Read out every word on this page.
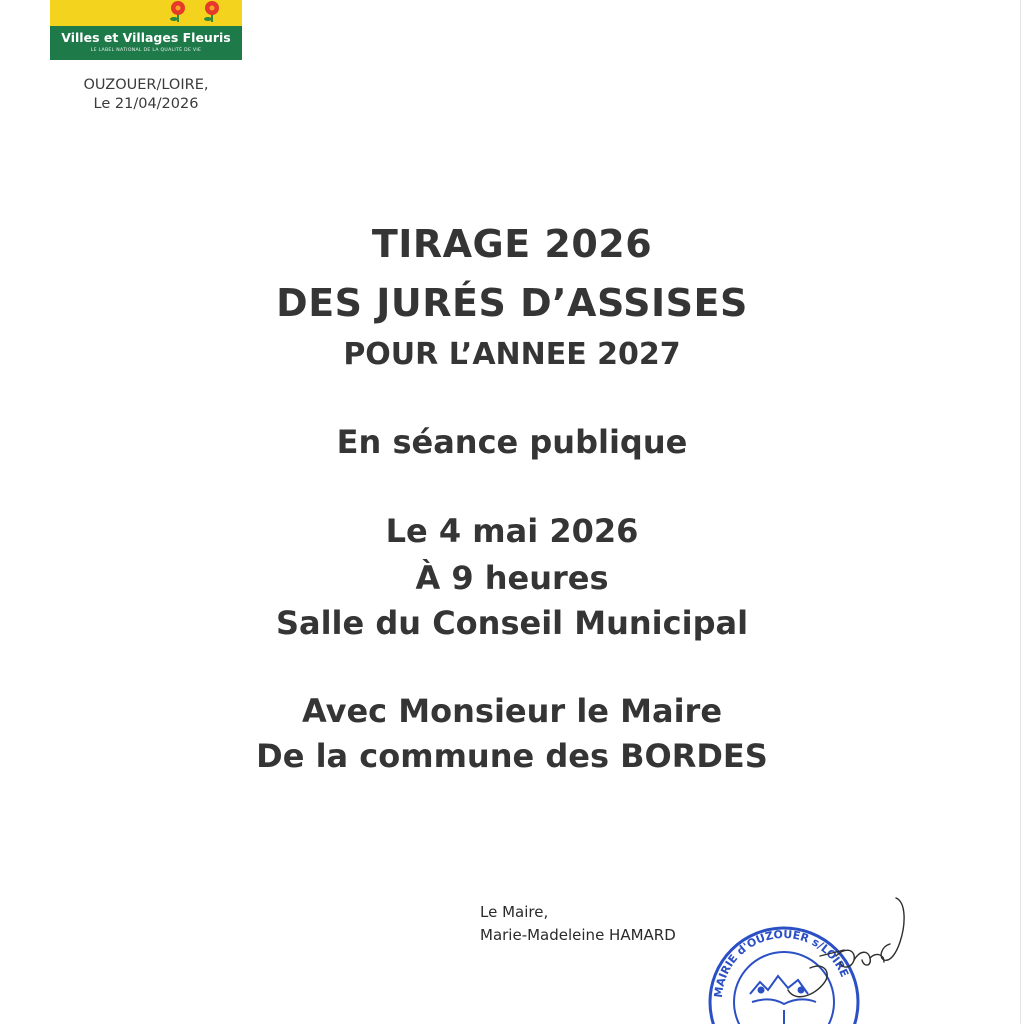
Villes et Villages Fleuris
LE LABEL NATIONAL DE LA QUALITÉ DE VIE
OUZOUER/LOIRE,
Le 21/04/2026
TIRAGE 2026
DES JURÉS D’ASSISES
POUR L’ANNEE 2027
En séance publique
Le 4 mai 2026
À 9 heures
Salle du Conseil Municipal
Avec Monsieur le Maire
De la commune des BORDES
Le Maire,
Marie-Madeleine HAMARD
MAIRIE d'OUZOUER s/LOIRE
